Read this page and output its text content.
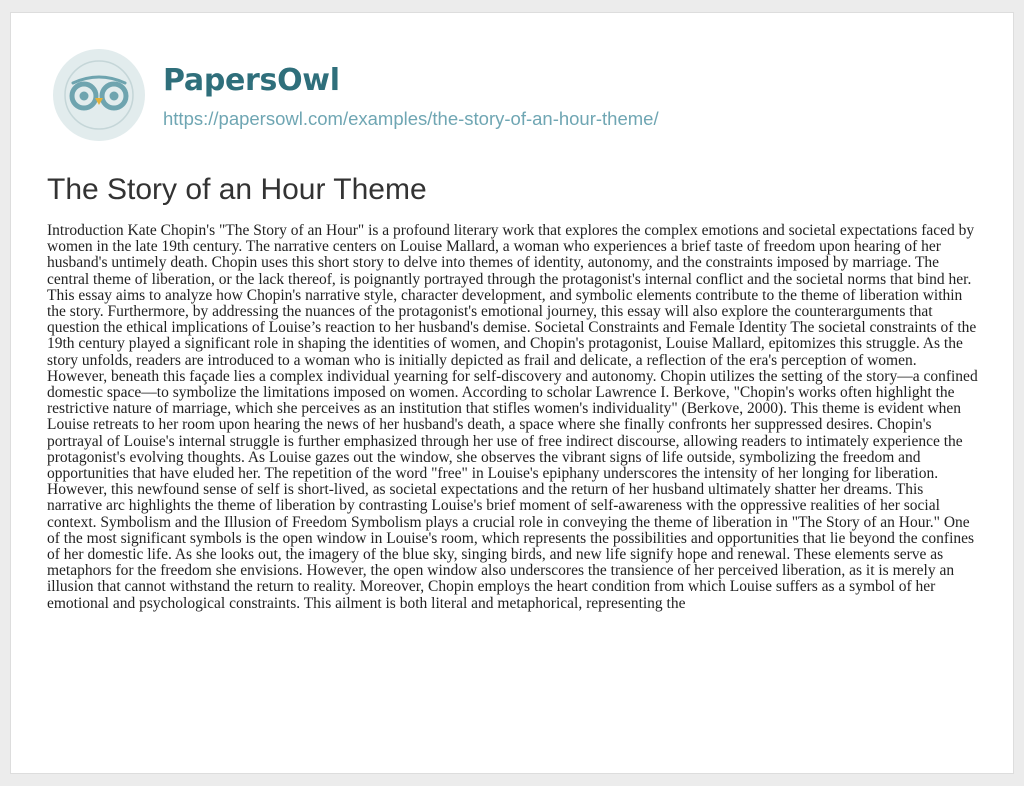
PapersOwl
https://papersowl.com/examples/the-story-of-an-hour-theme/
The Story of an Hour Theme

Introduction Kate Chopin's "The Story of an Hour" is a profound literary work that explores the complex emotions and societal expectations faced by women in the late 19th century. The narrative centers on Louise Mallard, a woman who experiences a brief taste of freedom upon hearing of her husband's untimely death. Chopin uses this short story to delve into themes of identity, autonomy, and the constraints imposed by marriage. The central theme of liberation, or the lack thereof, is poignantly portrayed through the protagonist's internal conflict and the societal norms that bind her. This essay aims to analyze how Chopin's narrative style, character development, and symbolic elements contribute to the theme of liberation within the story. Furthermore, by addressing the nuances of the protagonist's emotional journey, this essay will also explore the counterarguments that question the ethical implications of Louise’s reaction to her husband's demise. Societal Constraints and Female Identity The societal constraints of the 19th century played a significant role in shaping the identities of women, and Chopin's protagonist, Louise Mallard, epitomizes this struggle. As the story unfolds, readers are introduced to a woman who is initially depicted as frail and delicate, a reflection of the era's perception of women. However, beneath this façade lies a complex individual yearning for self-discovery and autonomy. Chopin utilizes the setting of the story—a confined domestic space—to symbolize the limitations imposed on women. According to scholar Lawrence I. Berkove, "Chopin's works often highlight the restrictive nature of marriage, which she perceives as an institution that stifles women's individuality" (Berkove, 2000). This theme is evident when Louise retreats to her room upon hearing the news of her husband's death, a space where she finally confronts her suppressed desires. Chopin's portrayal of Louise's internal struggle is further emphasized through her use of free indirect discourse, allowing readers to intimately experience the protagonist's evolving thoughts. As Louise gazes out the window, she observes the vibrant signs of life outside, symbolizing the freedom and opportunities that have eluded her. The repetition of the word "free" in Louise's epiphany underscores the intensity of her longing for liberation. However, this newfound sense of self is short-lived, as societal expectations and the return of her husband ultimately shatter her dreams. This narrative arc highlights the theme of liberation by contrasting Louise's brief moment of self-awareness with the oppressive realities of her social context. Symbolism and the Illusion of Freedom Symbolism plays a crucial role in conveying the theme of liberation in "The Story of an Hour." One of the most significant symbols is the open window in Louise's room, which represents the possibilities and opportunities that lie beyond the confines of her domestic life. As she looks out, the imagery of the blue sky, singing birds, and new life signify hope and renewal. These elements serve as metaphors for the freedom she envisions. However, the open window also underscores the transience of her perceived liberation, as it is merely an illusion that cannot withstand the return to reality. Moreover, Chopin employs the heart condition from which Louise suffers as a symbol of her emotional and psychological constraints. This ailment is both literal and metaphorical, representing the
